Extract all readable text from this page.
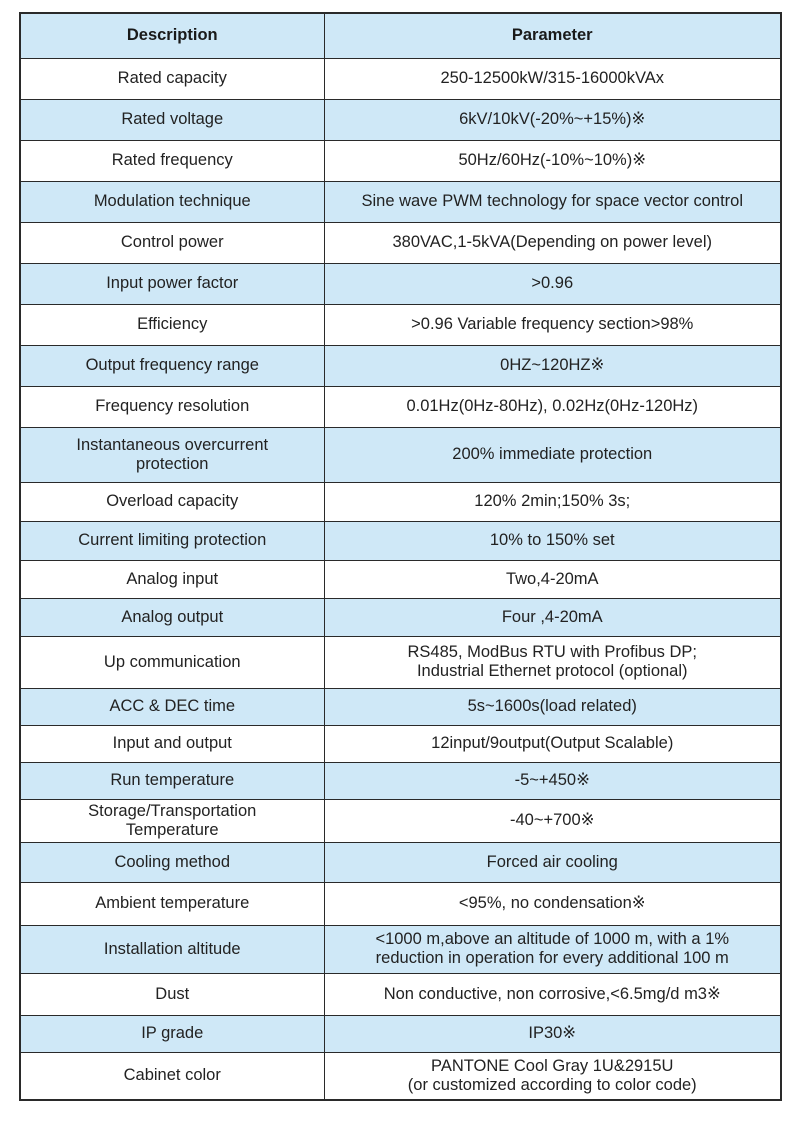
Description	Parameter
Rated capacity	250-12500kW/315-16000kVAx
Rated voltage	6kV/10kV(-20%~+15%)※
Rated frequency	50Hz/60Hz(-10%~10%)※
Modulation technique	Sine wave PWM technology for space vector control
Control power	380VAC,1-5kVA(Depending on power level)
Input power factor	>0.96
Efficiency	>0.96 Variable frequency section>98%
Output frequency range	0HZ~120HZ※
Frequency resolution	0.01Hz(0Hz-80Hz), 0.02Hz(0Hz-120Hz)
Instantaneous overcurrent
protection	200% immediate protection
Overload capacity	120% 2min;150% 3s;
Current limiting protection	10% to 150% set
Analog input	Two,4-20mA
Analog output	Four ,4-20mA
Up communication	RS485, ModBus RTU with Profibus DP;
Industrial Ethernet protocol (optional)
ACC & DEC time	5s~1600s(load related)
Input and output	12input/9output(Output Scalable)
Run temperature	-5~+450※
Storage/Transportation
Temperature	-40~+700※
Cooling method	Forced air cooling
Ambient temperature	<95%, no condensation※
Installation altitude	<1000 m,above an altitude of 1000 m, with a 1%
reduction in operation for every additional 100 m
Dust	Non conductive, non corrosive,<6.5mg/d m3※
IP grade	IP30※
Cabinet color	PANTONE Cool Gray 1U&2915U
(or customized according to color code)
